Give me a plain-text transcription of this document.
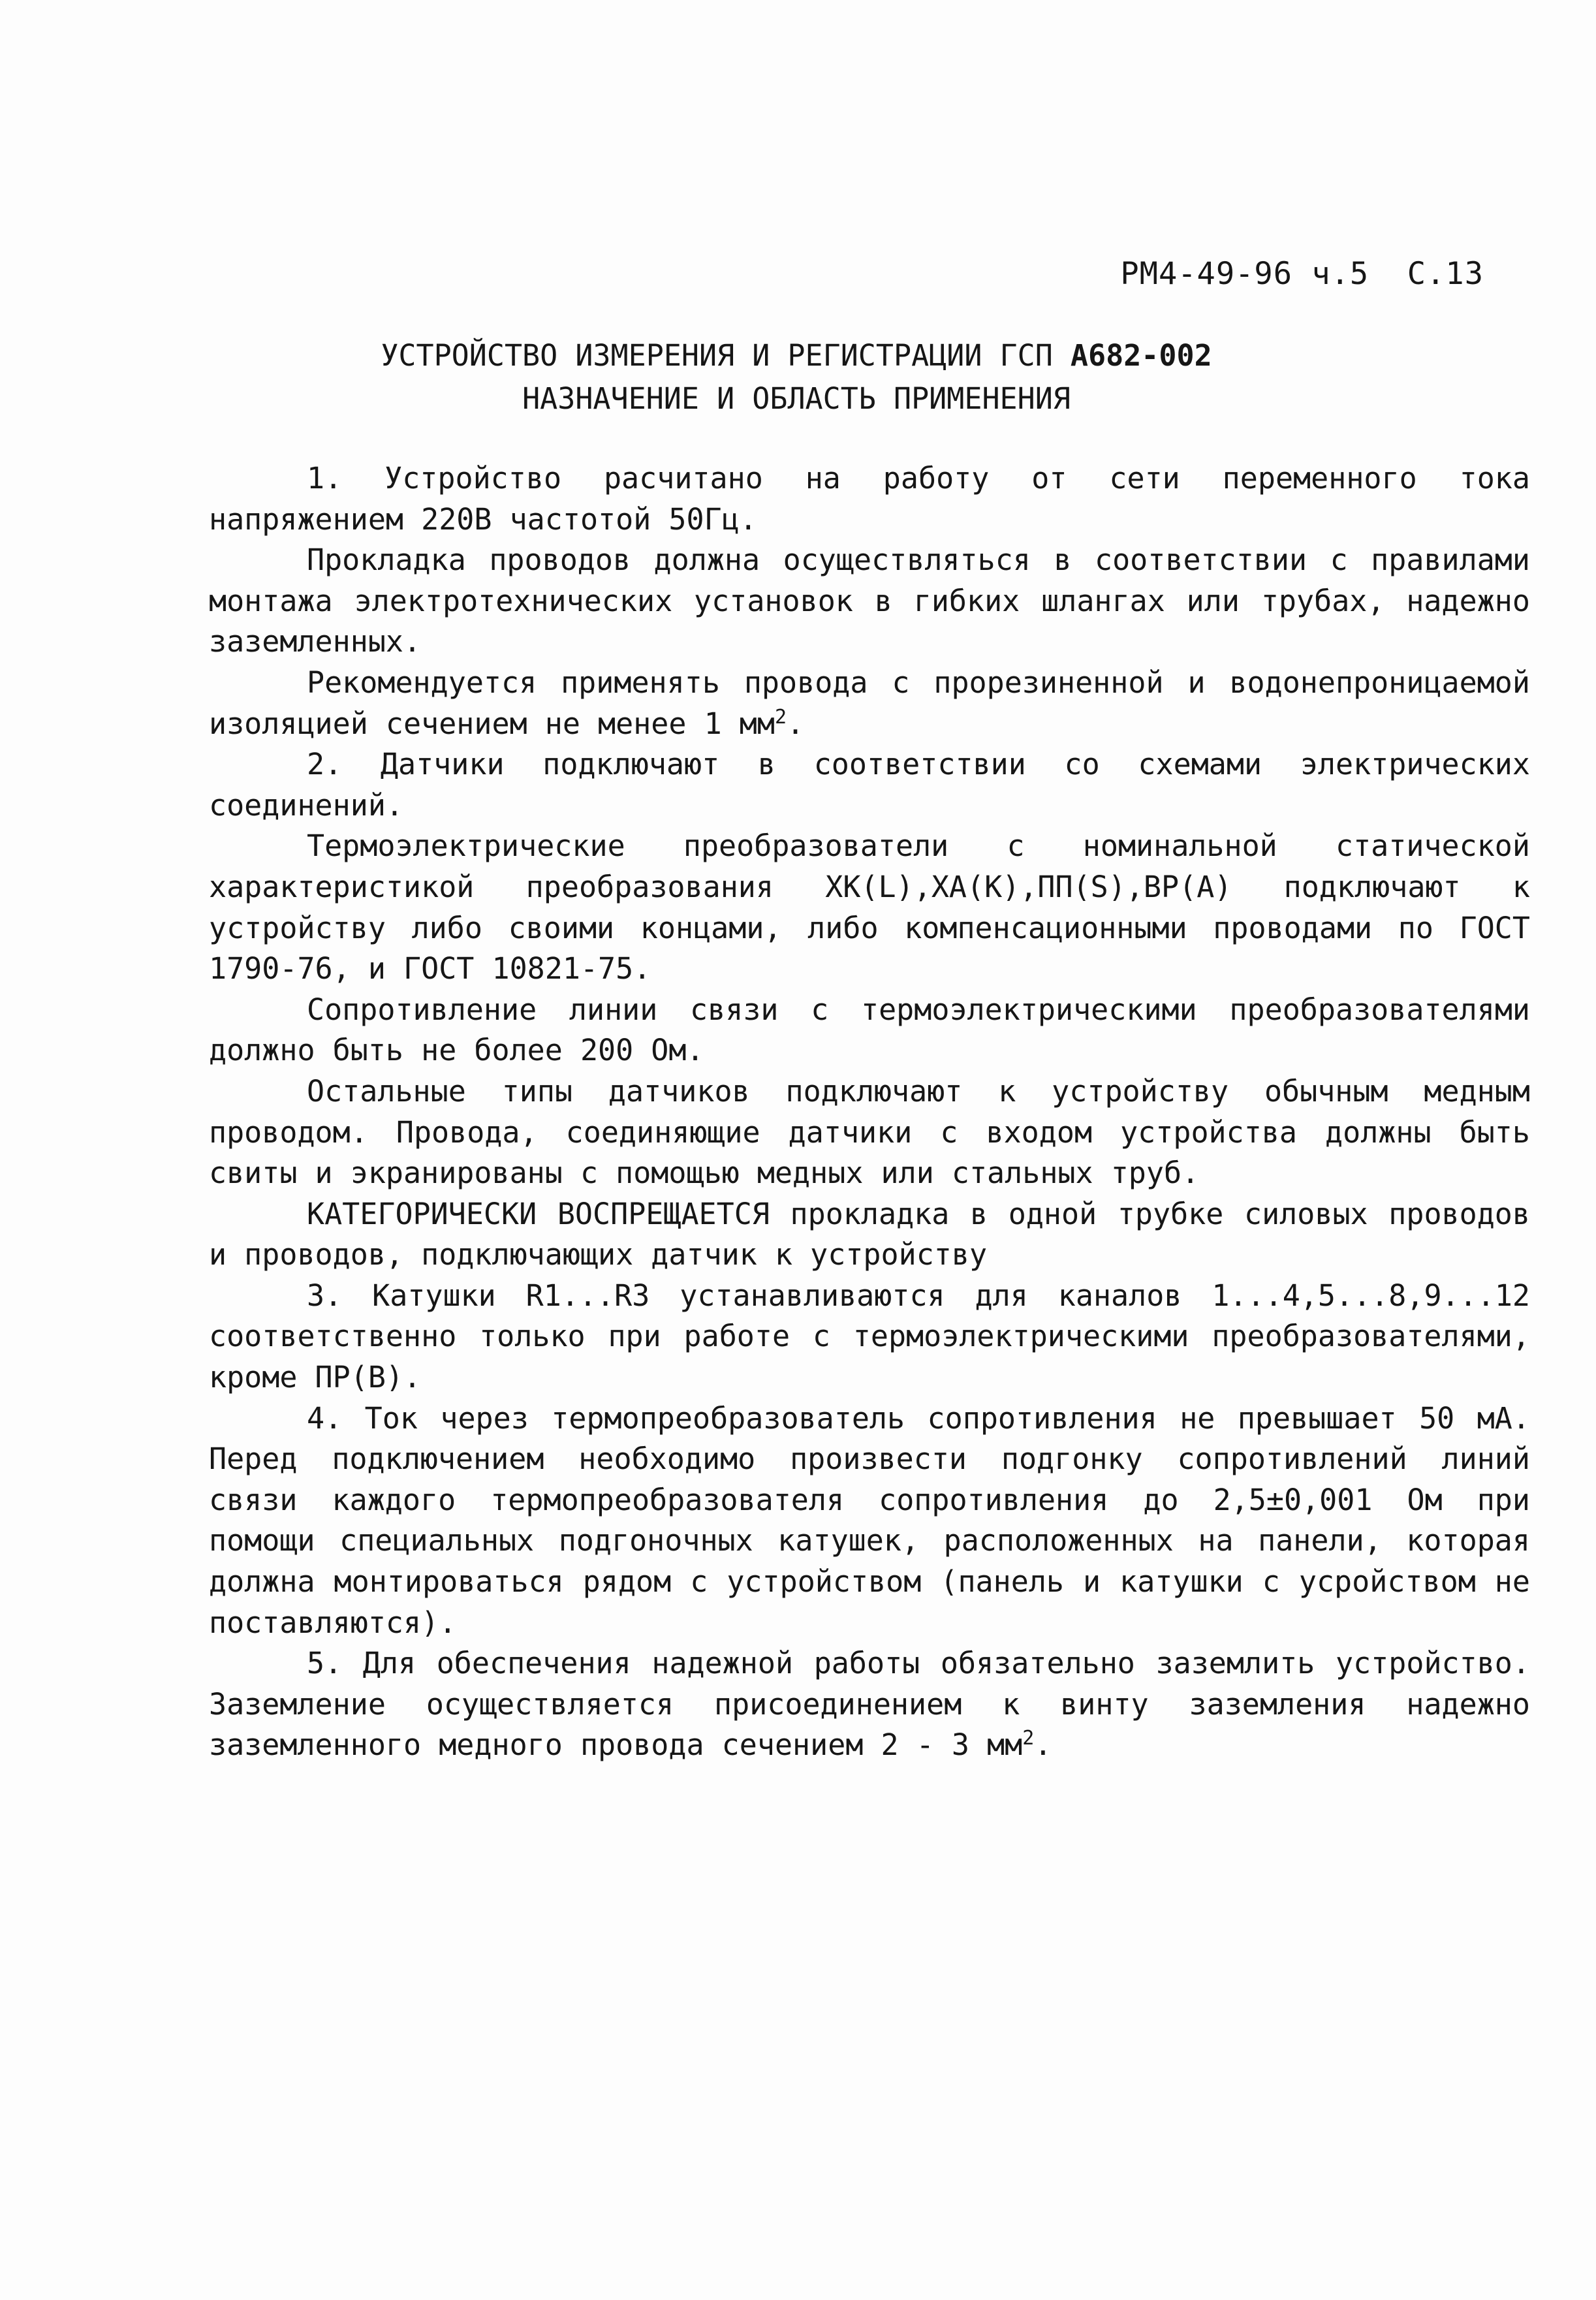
РМ4-49-96 ч.5  С.13
УСТРОЙСТВО ИЗМЕРЕНИЯ И РЕГИСТРАЦИИ ГСП А682-002
НАЗНАЧЕНИЕ И ОБЛАСТЬ ПРИМЕНЕНИЯ

1. Устройство расчитано на работу от сети переменного тока напряжением 220В частотой 50Гц.

Прокладка проводов должна осуществляться в соответствии с правилами монтажа электротехнических установок в гибких шлангах или трубах, надежно заземленных.

Рекомендуется применять провода с прорезиненной и водонепроницаемой изоляцией сечением не менее 1 $мм^2$.

2. Датчики подключают в соответствии со схемами электрических соединений.

Термоэлектрические преобразователи с номинальной статической характеристикой преобразования ХК(L),ХА(К),ПП(S),ВР(А) подключают к устройству либо своими концами, либо компенсационными проводами по ГОСТ 1790-76, и ГОСТ 10821-75.

Сопротивление линии связи с термоэлектрическими преобразователями должно быть не более 200 Ом.

Остальные типы датчиков подключают к устройству обычным медным проводом. Провода, соединяющие датчики с входом устройства должны быть свиты и экранированы с помощью медных или стальных труб.

КАТЕГОРИЧЕСКИ ВОСПРЕЩАЕТСЯ прокладка в одной трубке силовых проводов и проводов, подключающих датчик к устройству

3. Катушки R1...R3 устанавливаются для каналов 1...4,5...8,9...12 соответственно только при работе с термоэлектрическими преобразователями, кроме ПР(В).

4. Ток через термопреобразователь сопротивления не превышает 50 мА. Перед подключением необходимо произвести подгонку сопротивлений линий связи каждого термопреобразователя сопротивления до 2,5±0,001 Ом при помощи специальных подгоночных катушек, расположенных на панели, которая должна монтироваться рядом с устройством (панель и катушки с уcройством не поставляются).

5. Для обеспечения надежной работы обязательно заземлить устройство. Заземление осуществляется присоединением к винту заземления надежно заземленного медного провода сечением 2 - 3 $мм^2$.
